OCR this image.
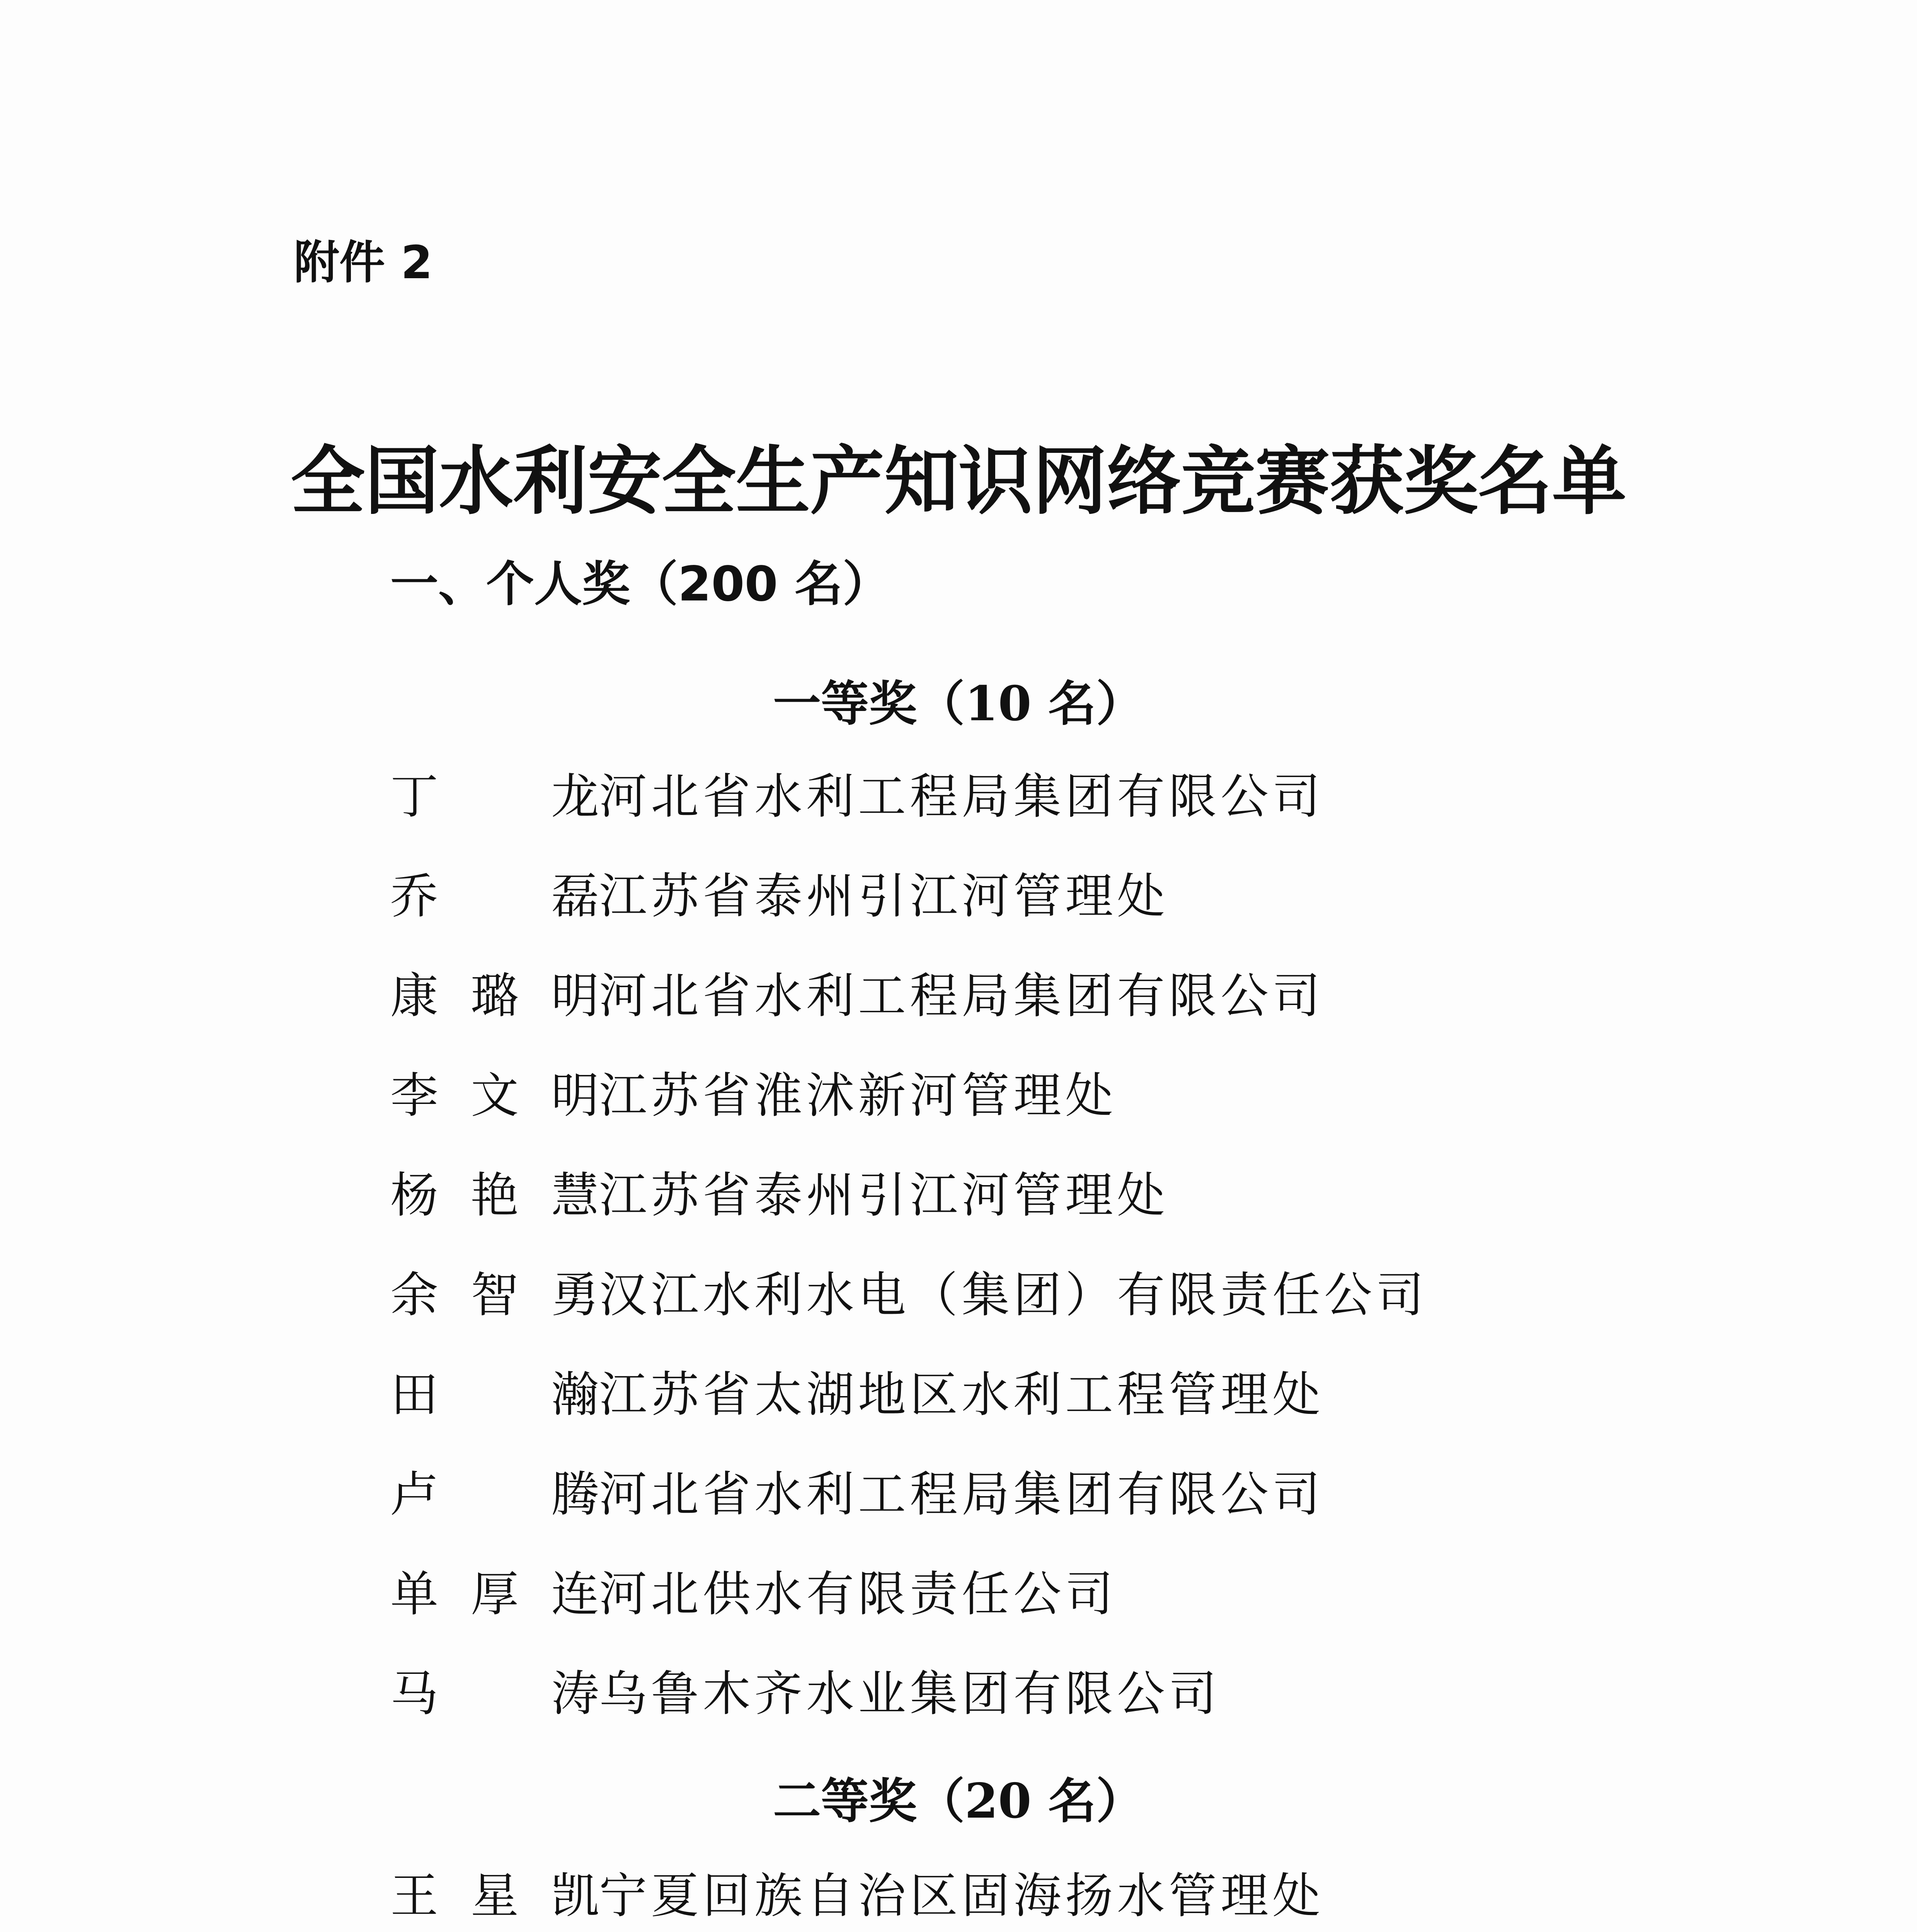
附件 2
全国水利安全生产知识网络竞赛获奖名单
一、个人奖（200 名）
一等奖（10 名）
丁　龙 河北省水利工程局集团有限公司
乔　磊 江苏省泰州引江河管理处
康璐明 河北省水利工程局集团有限公司
李文明 江苏省淮沭新河管理处
杨艳慧 江苏省泰州引江河管理处
余智勇 汉江水利水电（集团）有限责任公司
田　瀚 江苏省太湖地区水利工程管理处
卢　腾 河北省水利工程局集团有限公司
单厚连 河北供水有限责任公司
马　涛 乌鲁木齐水业集团有限公司
二等奖（20 名）
王星凯 宁夏回族自治区固海扬水管理处
